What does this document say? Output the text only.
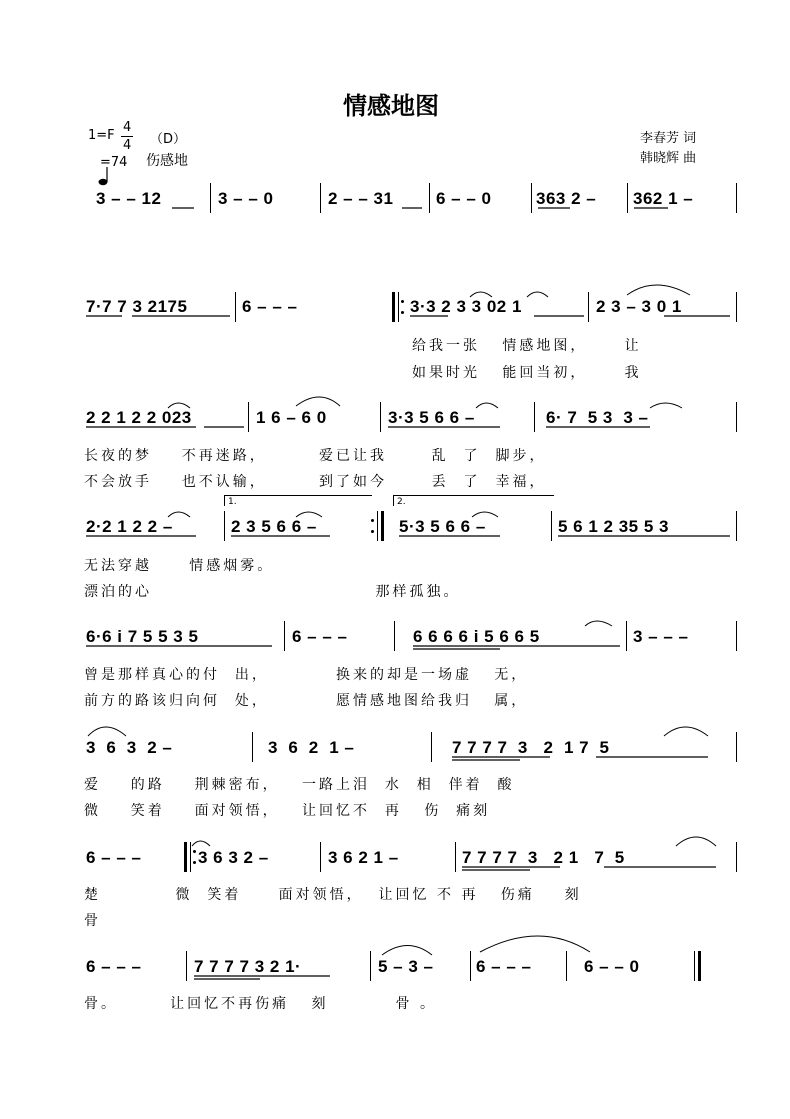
情感地图
1=F
4
4 （D）

=74 伤感地
李春芳 词
韩晓辉 曲
3 – – 12	3 – – 0	2 – – 31	6 – – 0	363 2 – 362 1 –
7·7 7 3 2175	6 – – –	3·3 2 3 3 02 1	2 3 – 3 0 1
给我一张   情感地图，     让
如果时光   能回当初，     我
2 2 1 2 2 023	1 6 – 6 0	3·3 5 6 6 –	6· 7  5 3  3 –
长夜的梦    不再迷路，       爱已让我      乱  了  脚步，
不会放手    也不认输，       到了如今      丢  了  幸福，
1.	2.
2·2 1 2 2 –	2 3 5 6 6 –	5·3 5 6 6 –	5 6 1 2 35 5 3
无法穿越     情感烟雾。
漂泊的心                              那样孤独。
6·6 i 7 5 5 3 5	6 – – –	6 6 6 6 i 5 6 6 5	3 – – –
曾是那样真心的付  出，         换来的却是一场虚   无，
前方的路该归向何  处，         愿情感地图给我归   属，
3  6  3  2 –	3  6  2  1 –	7 7 7 7  3   2  1 7  5
爱    的路    荆棘密布，   一路上泪  水  相  伴着  酸
微    笑着    面对领悟，   让回忆不  再   伤  痛刻
6 – – –	3 6 3 2 –	3 6 2 1 –	7 7 7 7  3   2 1   7  5
楚          微  笑着     面对领悟，  让回忆 不 再   伤痛    刻
骨
6 – – –	7 7 7 7 3 2 1·	5 – 3 –	6 – – –	6 – – 0
骨。       让回忆不再伤痛   刻         骨 。
